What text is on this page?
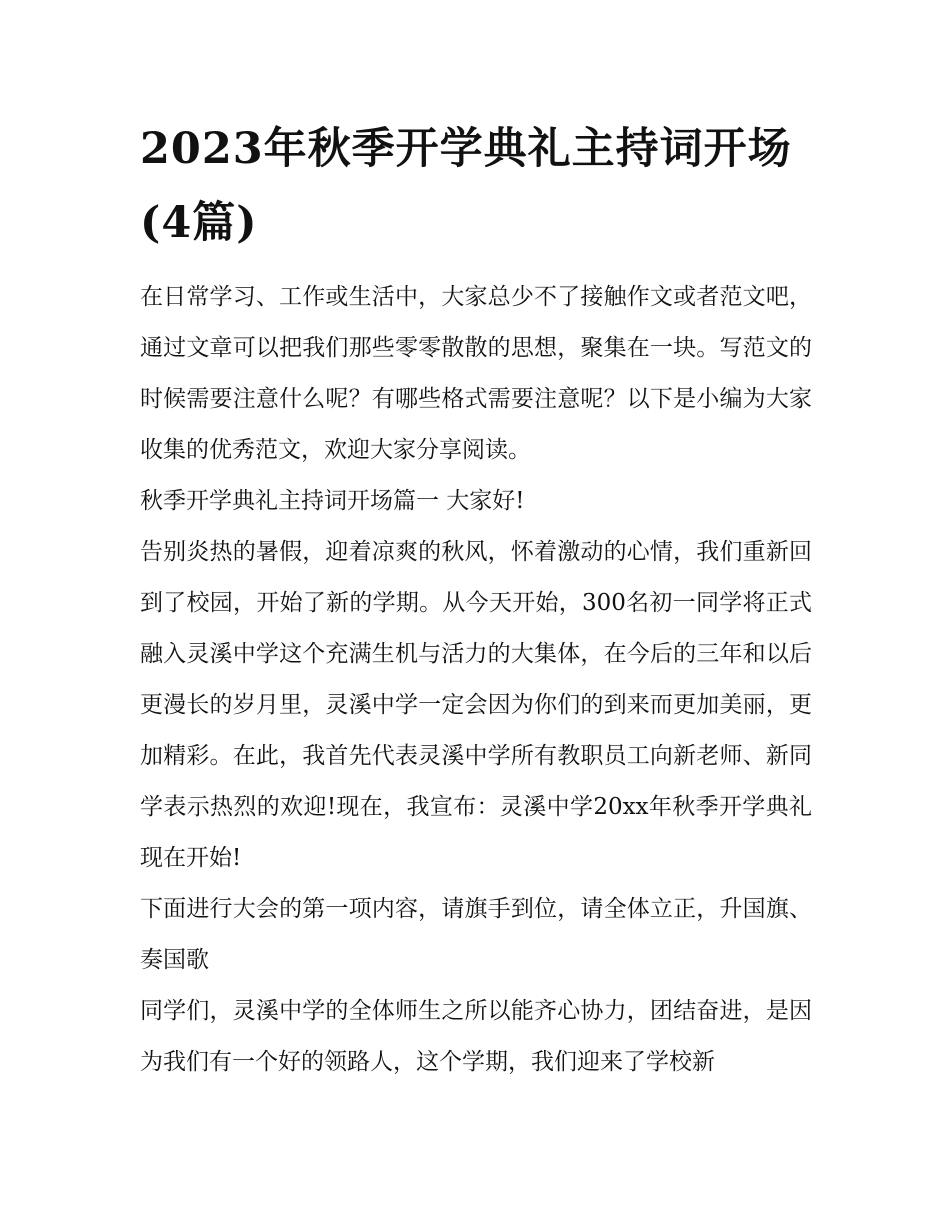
2023年秋季开学典礼主持词开场(4篇)

在日常学习、工作或生活中，大家总少不了接触作文或者范文吧，通过文章可以把我们那些零零散散的思想，聚集在一块。写范文的时候需要注意什么呢？有哪些格式需要注意呢？以下是小编为大家收集的优秀范文，欢迎大家分享阅读。

秋季开学典礼主持词开场篇一 大家好!

告别炎热的暑假，迎着凉爽的秋风，怀着激动的心情，我们重新回到了校园，开始了新的学期。从今天开始，300名初一同学将正式融入灵溪中学这个充满生机与活力的大集体，在今后的三年和以后更漫长的岁月里，灵溪中学一定会因为你们的到来而更加美丽，更加精彩。在此，我首先代表灵溪中学所有教职员工向新老师、新同学表示热烈的欢迎!现在，我宣布：灵溪中学20xx年秋季开学典礼现在开始!

下面进行大会的第一项内容，请旗手到位，请全体立正，升国旗、奏国歌

同学们，灵溪中学的全体师生之所以能齐心协力，团结奋进，是因为我们有一个好的领路人，这个学期，我们迎来了学校新
